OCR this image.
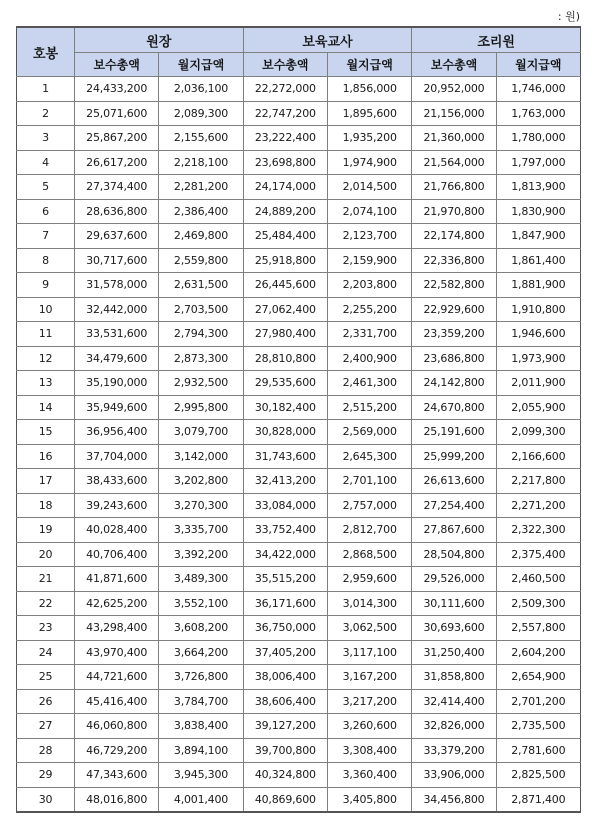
: 원)
호봉	원장		보육교사		조리원	
	보수총액	월지급액	보수총액	월지급액	보수총액	월지급액
1	24,433,200	2,036,100	22,272,000	1,856,000	20,952,000	1,746,000
2	25,071,600	2,089,300	22,747,200	1,895,600	21,156,000	1,763,000
3	25,867,200	2,155,600	23,222,400	1,935,200	21,360,000	1,780,000
4	26,617,200	2,218,100	23,698,800	1,974,900	21,564,000	1,797,000
5	27,374,400	2,281,200	24,174,000	2,014,500	21,766,800	1,813,900
6	28,636,800	2,386,400	24,889,200	2,074,100	21,970,800	1,830,900
7	29,637,600	2,469,800	25,484,400	2,123,700	22,174,800	1,847,900
8	30,717,600	2,559,800	25,918,800	2,159,900	22,336,800	1,861,400
9	31,578,000	2,631,500	26,445,600	2,203,800	22,582,800	1,881,900
10	32,442,000	2,703,500	27,062,400	2,255,200	22,929,600	1,910,800
11	33,531,600	2,794,300	27,980,400	2,331,700	23,359,200	1,946,600
12	34,479,600	2,873,300	28,810,800	2,400,900	23,686,800	1,973,900
13	35,190,000	2,932,500	29,535,600	2,461,300	24,142,800	2,011,900
14	35,949,600	2,995,800	30,182,400	2,515,200	24,670,800	2,055,900
15	36,956,400	3,079,700	30,828,000	2,569,000	25,191,600	2,099,300
16	37,704,000	3,142,000	31,743,600	2,645,300	25,999,200	2,166,600
17	38,433,600	3,202,800	32,413,200	2,701,100	26,613,600	2,217,800
18	39,243,600	3,270,300	33,084,000	2,757,000	27,254,400	2,271,200
19	40,028,400	3,335,700	33,752,400	2,812,700	27,867,600	2,322,300
20	40,706,400	3,392,200	34,422,000	2,868,500	28,504,800	2,375,400
21	41,871,600	3,489,300	35,515,200	2,959,600	29,526,000	2,460,500
22	42,625,200	3,552,100	36,171,600	3,014,300	30,111,600	2,509,300
23	43,298,400	3,608,200	36,750,000	3,062,500	30,693,600	2,557,800
24	43,970,400	3,664,200	37,405,200	3,117,100	31,250,400	2,604,200
25	44,721,600	3,726,800	38,006,400	3,167,200	31,858,800	2,654,900
26	45,416,400	3,784,700	38,606,400	3,217,200	32,414,400	2,701,200
27	46,060,800	3,838,400	39,127,200	3,260,600	32,826,000	2,735,500
28	46,729,200	3,894,100	39,700,800	3,308,400	33,379,200	2,781,600
29	47,343,600	3,945,300	40,324,800	3,360,400	33,906,000	2,825,500
30	48,016,800	4,001,400	40,869,600	3,405,800	34,456,800	2,871,400
